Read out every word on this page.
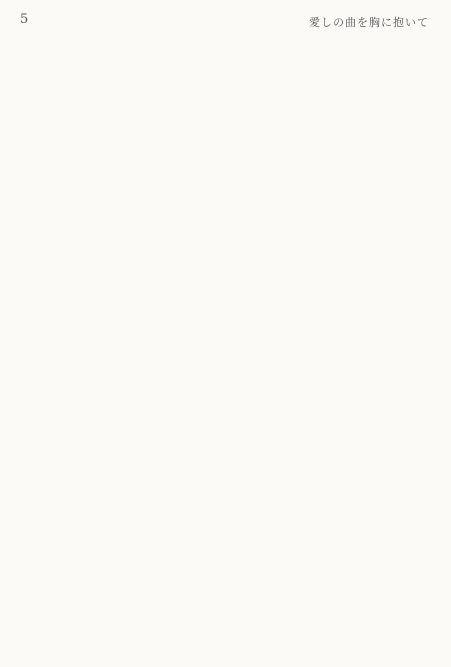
5	愛しの曲を胸に抱いて
